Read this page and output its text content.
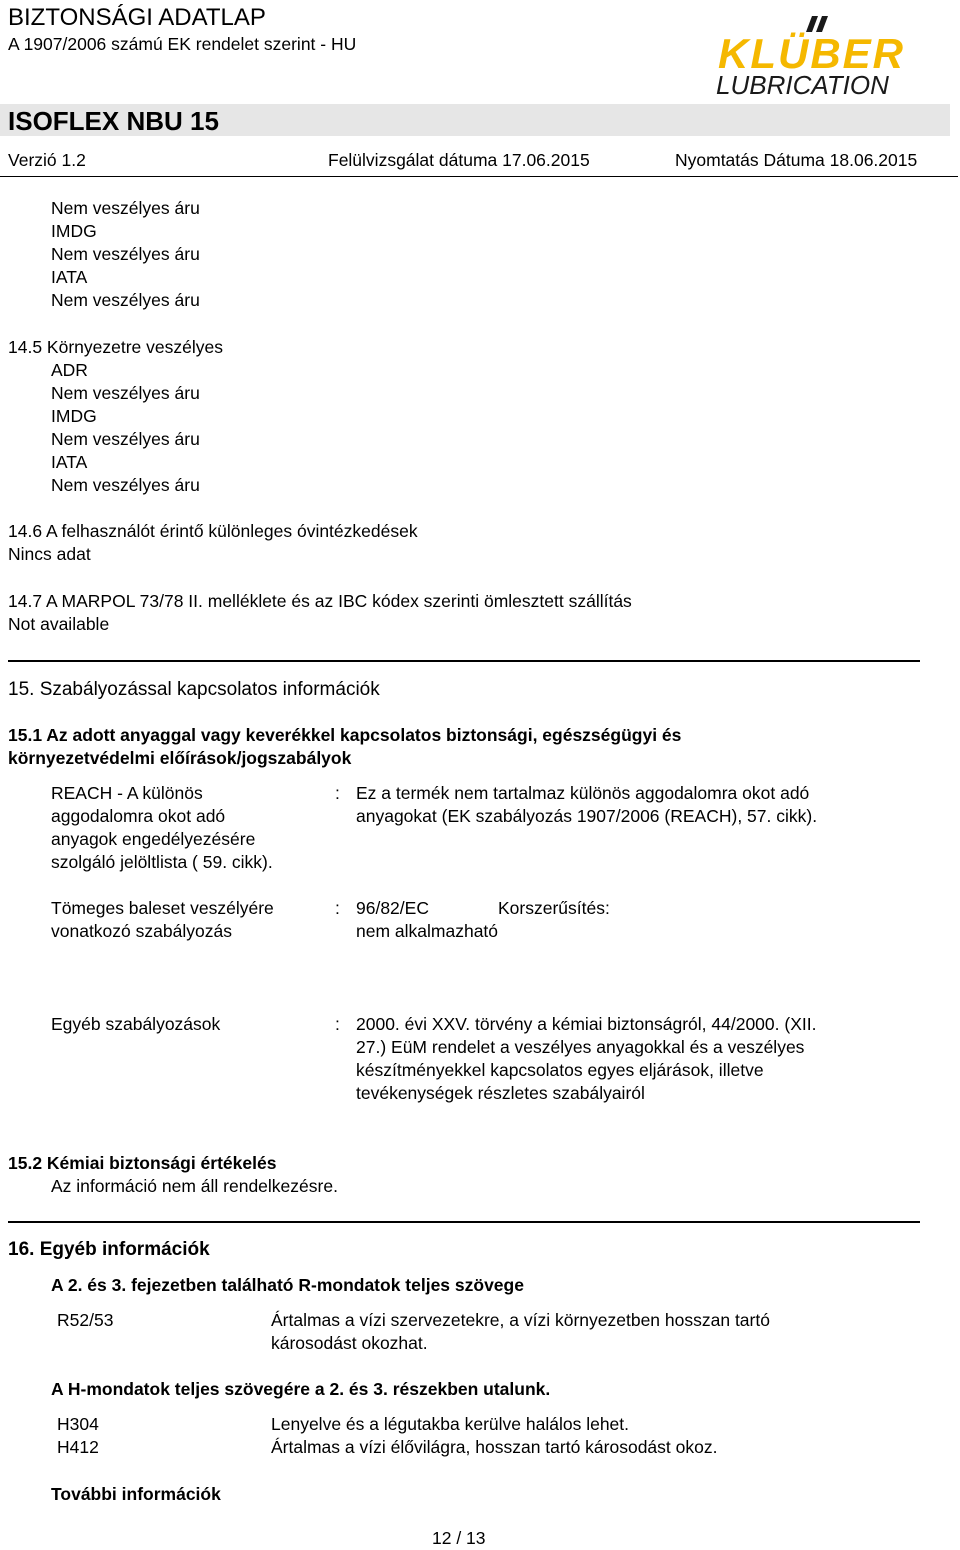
BIZTONSÁGI ADATLAP
A 1907/2006 számú EK rendelet szerint - HU	KLÜBER
LUBRICATION
ISOFLEX NBU 15
Verzió 1.2	Felülvizsgálat dátuma 17.06.2015	Nyomtatás Dátuma 18.06.2015
Nem veszélyes áru
IMDG
Nem veszélyes áru
IATA
Nem veszélyes áru
14.5 Környezetre veszélyes
ADR
Nem veszélyes áru
IMDG
Nem veszélyes áru
IATA
Nem veszélyes áru
14.6 A felhasználót érintő különleges óvintézkedések
Nincs adat
14.7 A MARPOL 73/78 II. melléklete és az IBC kódex szerinti ömlesztett szállítás
Not available
15. Szabályozással kapcsolatos információk
15.1 Az adott anyaggal vagy keverékkel kapcsolatos biztonsági, egészségügyi és
környezetvédelmi előírások/jogszabályok
REACH - A különös
aggodalomra okot adó
anyagok engedélyezésére
szolgáló jelöltlista ( 59. cikk).
: Ez a termék nem tartalmaz különös aggodalomra okot adó
anyagokat (EK szabályozás 1907/2006 (REACH), 57. cikk).
Tömeges baleset veszélyére
vonatkozó szabályozás
: 96/82/EC	Korszerűsítés:
nem alkalmazható
Egyéb szabályozások	: 2000. évi XXV. törvény a kémiai biztonságról, 44/2000. (XII.
27.) EüM rendelet a veszélyes anyagokkal és a veszélyes
készítményekkel kapcsolatos egyes eljárások, illetve
tevékenységek részletes szabályairól
15.2 Kémiai biztonsági értékelés
Az információ nem áll rendelkezésre.
16. Egyéb információk
A 2. és 3. fejezetben található R-mondatok teljes szövege
R52/53	Ártalmas a vízi szervezetekre, a vízi környezetben hosszan tartó
károsodást okozhat.
A H-mondatok teljes szövegére a 2. és 3. részekben utalunk.
H304	Lenyelve és a légutakba kerülve halálos lehet.
H412	Ártalmas a vízi élővilágra, hosszan tartó károsodást okoz.
További információk
12 / 13
